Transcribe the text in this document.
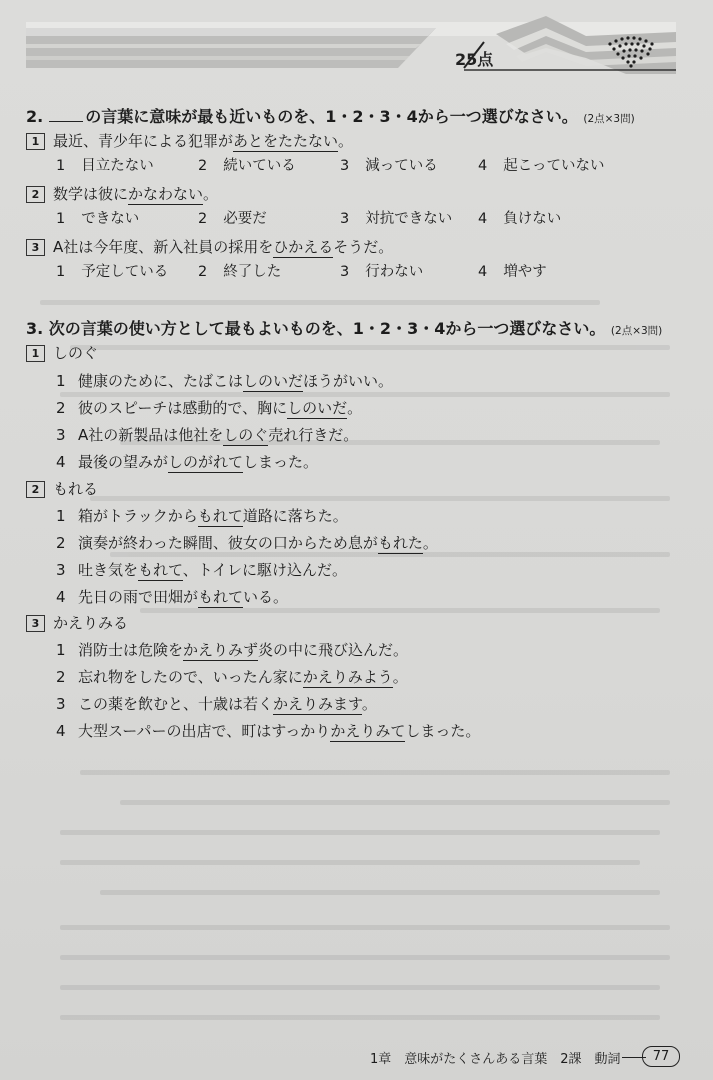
25点
2.	の言葉に意味が最も近いものを、1・2・3・4から一つ選びなさい。 (2点×3問)
1 最近、青少年による犯罪があとをたたない。
1 目立たない	2 続いている	3 減っている	4 起こっていない
2 数学は彼にかなわない。
1 できない	2 必要だ	3 対抗できない 4 負けない
3 A社は今年度、新入社員の採用をひかえるそうだ。
1 予定している 2 終了した	3 行わない	4 増やす
3. 次の言葉の使い方として最もよいものを、1・2・3・4から一つ選びなさい。 (2点×3問)
1 しのぐ
1 健康のために、たばこはしのいだほうがいい。
2 彼のスピーチは感動的で、胸にしのいだ。
3 A社の新製品は他社をしのぐ売れ行きだ。
4 最後の望みがしのがれてしまった。
2 もれる
1 箱がトラックからもれて道路に落ちた。
2 演奏が終わった瞬間、彼女の口からため息がもれた。
3 吐き気をもれて、トイレに駆け込んだ。
4 先日の雨で田畑がもれている。
3 かえりみる
1 消防士は危険をかえりみず炎の中に飛び込んだ。
2 忘れ物をしたので、いったん家にかえりみよう。
3 この薬を飲むと、十歳は若くかえりみます。
4 大型スーパーの出店で、町はすっかりかえりみてしまった。
1章　意味がたくさんある言葉　2課　動詞	77
